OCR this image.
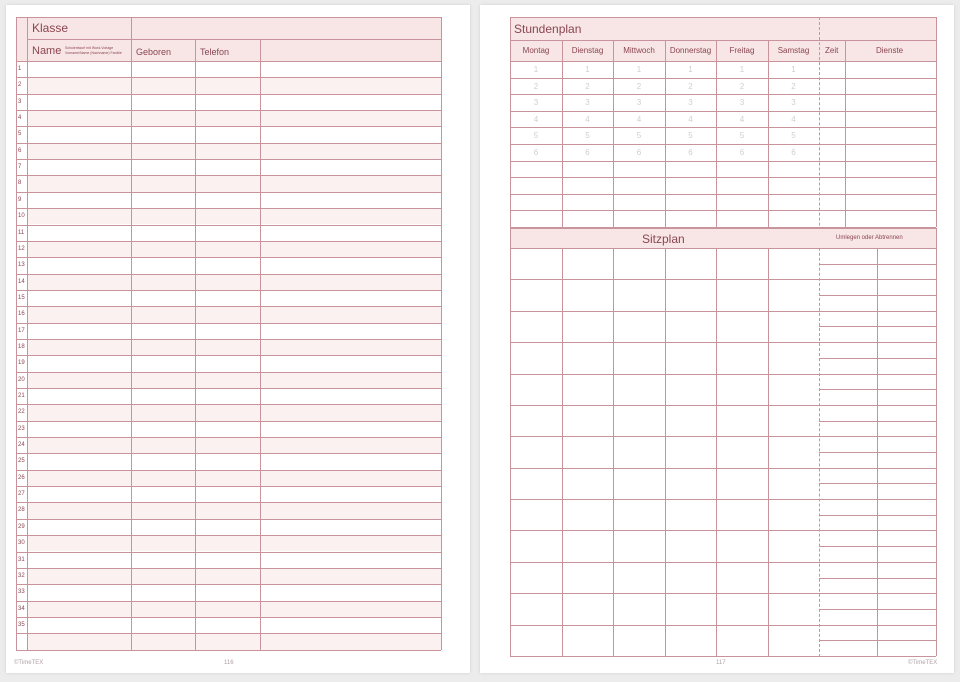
Klasse
Name Schulentwurf mit Word-Vorlage
Vorname/Name (Nachname) Familie Geboren	Telefon
1
2
3
4
5
6
7
8
9
10
11
12
13
14
15
16
17
18
19
20
21
22
23
24
25
26
27
28
29
30
31
32
33
34
35
©TimeTEX	116
Stundenplan
Montag	Dienstag	Mittwoch	Donnerstag	Freitag	Samstag	Zeit	Dienste
1	1	1	1	1	1
2	2	2	2	2	2
3	3	3	3	3	3
4	4	4	4	4	4
5	5	5	5	5	5
6	6	6	6	6	6
Sitzplan	Umlegen oder Abtrennen
117	©TimeTEX
